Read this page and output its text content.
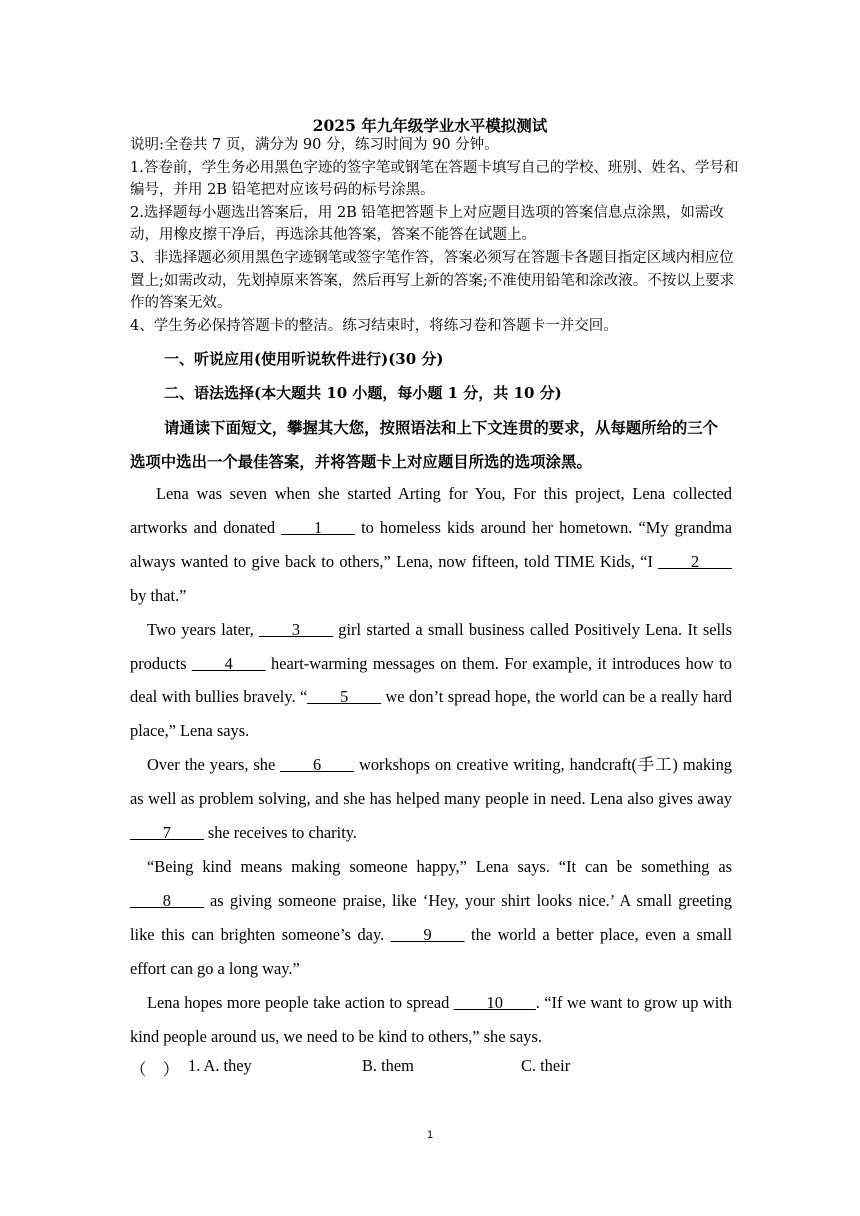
2025 年九年级学业水平模拟测试

说明:全卷共 7 页，满分为 90 分，练习时间为 90 分钟。

1.答卷前，学生务必用黑色字迹的签字笔或钢笔在答题卡填写自己的学校、班别、姓名、学号和编号，并用 2B 铅笔把对应该号码的标号涂黑。

2.选择题每小题选出答案后，用 2B 铅笔把答题卡上对应题目选项的答案信息点涂黑，如需改动，用橡皮擦干净后，再选涂其他答案，答案不能答在试题上。

3、非选择题必须用黑色字迹钢笔或签字笔作答，答案必须写在答题卡各题目指定区域内相应位置上;如需改动，先划掉原来答案，然后再写上新的答案;不准使用铅笔和涂改液。不按以上要求作的答案无效。

4、学生务必保持答题卡的整洁。练习结束时，将练习卷和答题卡一并交回。

一、听说应用(使用听说软件进行)(30 分)
二、语法选择(本大题共 10 小题，每小题 1 分，共 10 分)

请通读下面短文，攀握其大您，按照语法和上下文连贯的要求，从每题所给的三个选项中选出一个最佳答案，并将答题卡上对应题目所选的选项涂黑。

Lena was seven when she started Arting for You, For this project, Lena collected artworks and donated ____1____ to homeless kids around her hometown. “My grandma always wanted to give back to others,” Lena, now fifteen, told TIME Kids, “I ____2____ by that.”

Two years later, ____3____ girl started a small business called Positively Lena. It sells products ____4____ heart-warming messages on them. For example, it introduces how to deal with bullies bravely. “____5____ we don’t spread hope, the world can be a really hard place,” Lena says.

Over the years, she ____6____ workshops on creative writing, handcraft(手工) making as well as problem solving, and she has helped many people in need. Lena also gives away ____7____ she receives to charity.

“Being kind means making someone happy,” Lena says. “It can be something as ____8____ as giving someone praise, like ‘Hey, your shirt looks nice.’ A small greeting like this can brighten someone’s day. ____9____ the world a better place, even a small effort can go a long way.”

Lena hopes more people take action to spread ____10____. “If we want to grow up with kind people around us, we need to be kind to others,” she says.

（　） 1. A. they	B. them	C. their
1
